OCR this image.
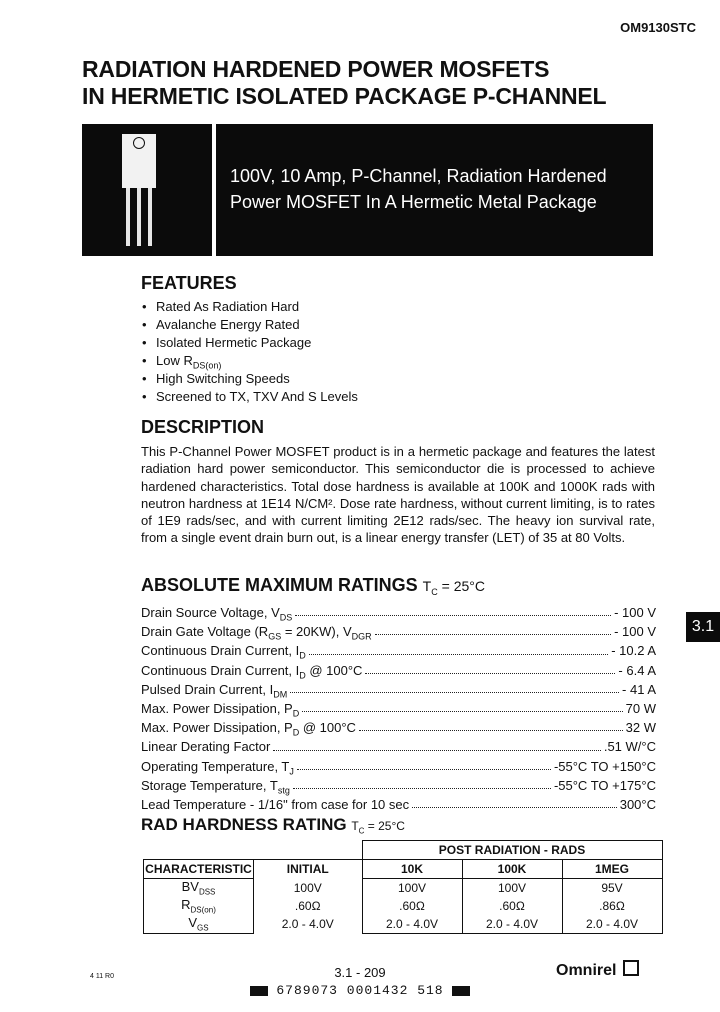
OM9130STC
RADIATION HARDENED POWER MOSFETS
IN HERMETIC ISOLATED PACKAGE P-CHANNEL
100V, 10 Amp, P-Channel, Radiation Hardened
Power MOSFET In A Hermetic Metal Package
FEATURES
• Rated As Radiation Hard
• Avalanche Energy Rated
• Isolated Hermetic Package
• Low $R_{DS(on)}$
• High Switching Speeds
• Screened to TX, TXV And S Levels
DESCRIPTION

This P-Channel Power MOSFET product is in a hermetic package and features the latest radiation hard power semiconductor. This semiconductor die is processed to achieve hardened characteristics. Total dose hardness is available at 100K and 1000K rads with neutron hardness at 1E14 N/CM². Dose rate hardness, without current limiting, is to rates of 1E9 rads/sec, and with current limiting 2E12 rads/sec. The heavy ion survival rate, from a single event drain burn out, is a linear energy transfer (LET) of 35 at 80 Volts.

ABSOLUTE MAXIMUM RATINGS $T_C = 25^\circ C$
Drain Source Voltage, $V_{DS}$	- 100 V
Drain Gate Voltage $(R_{GS} = 20KW)$, $V_{DGR}$	- 100 V
Continuous Drain Current, $I_D$	- 10.2 A
Continuous Drain Current, $I_D$ @ 100°C	- 6.4 A
Pulsed Drain Current, $I_{DM}$	- 41 A
Max. Power Dissipation, $P_D$	70 W
Max. Power Dissipation, $P_D$ @ 100°C	32 W
Linear Derating Factor	.51 W/°C
Operating Temperature, $T_J$	-55°C TO +150°C
Storage Temperature, $T_{stg}$	-55°C TO +175°C
Lead Temperature - 1/16" from case for 10 sec	300°C
3.1
RAD HARDNESS RATING $T_C = 25^\circ C$
		POST RADIATION - RADS		
CHARACTERISTIC	INITIAL	10K	100K	1MEG
$BV_{DSS}$	100V	100V	100V	95V
$R_{DS(on)}$	.60Ω	.60Ω	.60Ω	.86Ω
$V_{GS}$	2.0 - 4.0V	2.0 - 4.0V	2.0 - 4.0V	2.0 - 4.0V
4 11 R0	3.1 - 209
6789073 0001432 518
Omnirel
